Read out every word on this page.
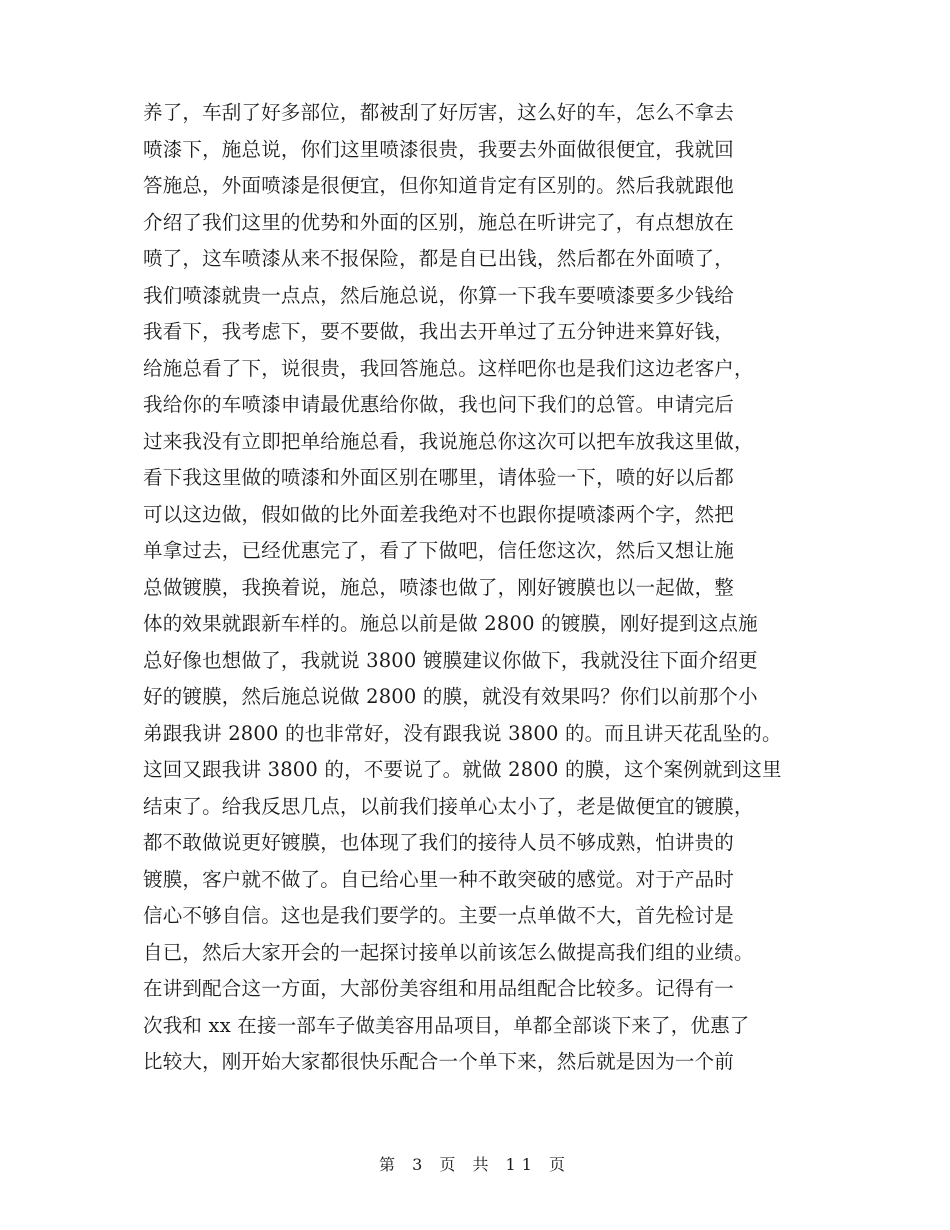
养了，车刮了好多部位，都被刮了好厉害，这么好的车，怎么不拿去
喷漆下，施总说，你们这里喷漆很贵，我要去外面做很便宜，我就回
答施总，外面喷漆是很便宜，但你知道肯定有区别的。然后我就跟他
介绍了我们这里的优势和外面的区别，施总在听讲完了，有点想放在
喷了，这车喷漆从来不报保险，都是自已出钱，然后都在外面喷了，
我们喷漆就贵一点点，然后施总说，你算一下我车要喷漆要多少钱给
我看下，我考虑下，要不要做，我出去开单过了五分钟进来算好钱，
给施总看了下，说很贵，我回答施总。这样吧你也是我们这边老客户，
我给你的车喷漆申请最优惠给你做，我也问下我们的总管。申请完后
过来我没有立即把单给施总看，我说施总你这次可以把车放我这里做，
看下我这里做的喷漆和外面区别在哪里，请体验一下，喷的好以后都
可以这边做，假如做的比外面差我绝对不也跟你提喷漆两个字，然把
单拿过去，已经优惠完了，看了下做吧，信任您这次，然后又想让施
总做镀膜，我换着说，施总，喷漆也做了，刚好镀膜也以一起做，整
体的效果就跟新车样的。施总以前是做 2800 的镀膜，刚好提到这点施
总好像也想做了，我就说 3800 镀膜建议你做下，我就没往下面介绍更
好的镀膜，然后施总说做 2800 的膜，就没有效果吗？你们以前那个小
弟跟我讲 2800 的也非常好，没有跟我说 3800 的。而且讲天花乱坠的。
这回又跟我讲 3800 的，不要说了。就做 2800 的膜，这个案例就到这里
结束了。给我反思几点，以前我们接单心太小了，老是做便宜的镀膜，
都不敢做说更好镀膜，也体现了我们的接待人员不够成熟，怕讲贵的
镀膜，客户就不做了。自已给心里一种不敢突破的感觉。对于产品时
信心不够自信。这也是我们要学的。主要一点单做不大，首先检讨是
自已，然后大家开会的一起探讨接单以前该怎么做提高我们组的业绩。
在讲到配合这一方面，大部份美容组和用品组配合比较多。记得有一
次我和 xx 在接一部车子做美容用品项目，单都全部谈下来了，优惠了
比较大，刚开始大家都很快乐配合一个单下来，然后就是因为一个前
第 3 页 共 11 页
